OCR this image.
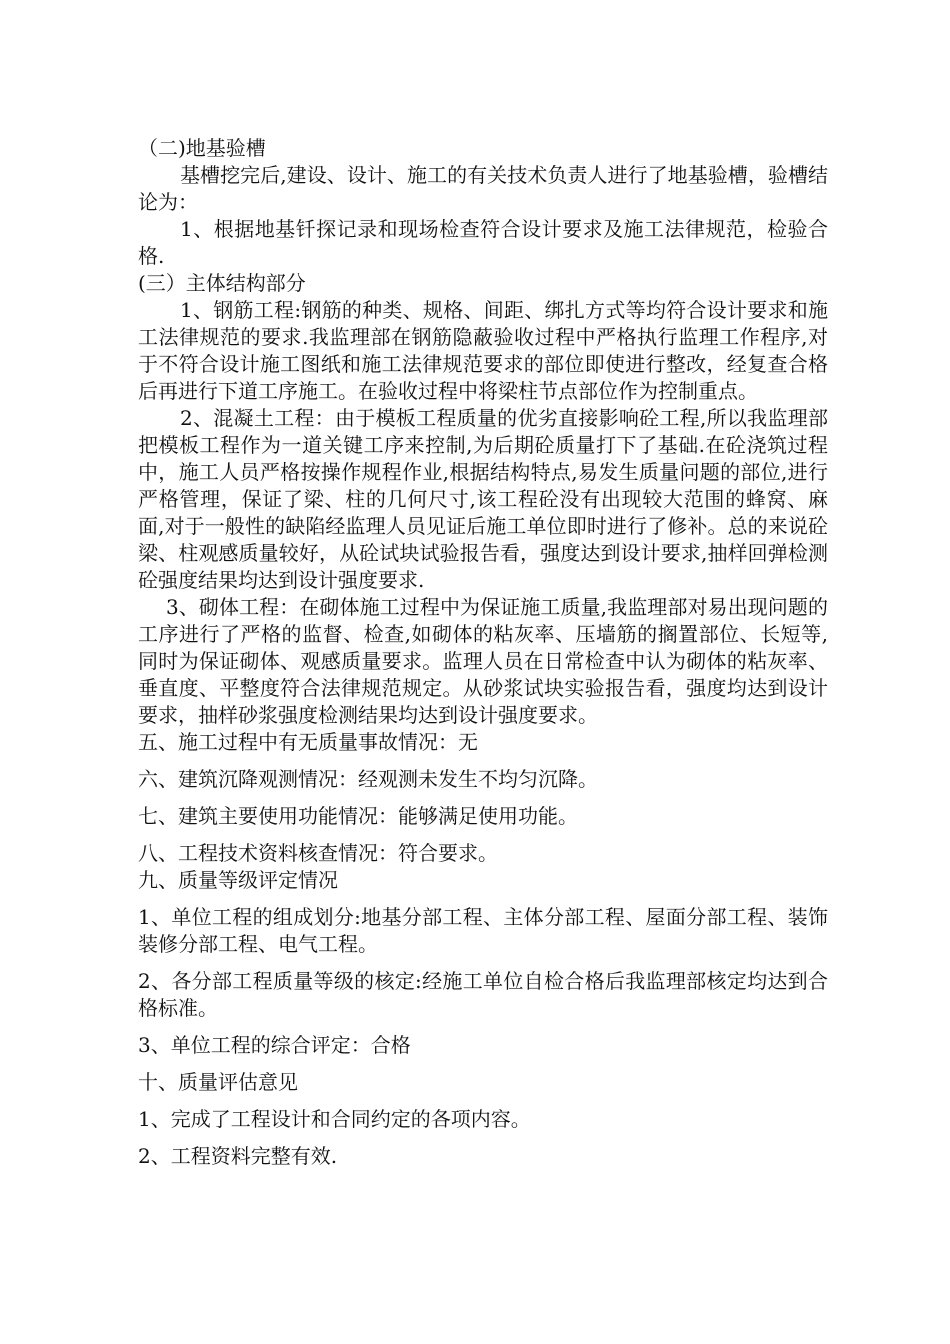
（二)地基验槽

基槽挖完后,建设、设计、施工的有关技术负责人进行了地基验槽，验槽结论为：

1、根据地基钎探记录和现场检查符合设计要求及施工法律规范，检验合格.

(三）主体结构部分

1、钢筋工程:钢筋的种类、规格、间距、绑扎方式等均符合设计要求和施工法律规范的要求.我监理部在钢筋隐蔽验收过程中严格执行监理工作程序,对于不符合设计施工图纸和施工法律规范要求的部位即使进行整改，经复查合格后再进行下道工序施工。在验收过程中将梁柱节点部位作为控制重点。

2、混凝土工程：由于模板工程质量的优劣直接影响砼工程,所以我监理部把模板工程作为一道关键工序来控制,为后期砼质量打下了基础.在砼浇筑过程中，施工人员严格按操作规程作业,根据结构特点,易发生质量问题的部位,进行严格管理，保证了梁、柱的几何尺寸,该工程砼没有出现较大范围的蜂窝、麻面,对于一般性的缺陷经监理人员见证后施工单位即时进行了修补。总的来说砼梁、柱观感质量较好，从砼试块试验报告看，强度达到设计要求,抽样回弹检测砼强度结果均达到设计强度要求.

3、砌体工程：在砌体施工过程中为保证施工质量,我监理部对易出现问题的工序进行了严格的监督、检查,如砌体的粘灰率、压墙筋的搁置部位、长短等,同时为保证砌体、观感质量要求。监理人员在日常检查中认为砌体的粘灰率、垂直度、平整度符合法律规范规定。从砂浆试块实验报告看，强度均达到设计要求，抽样砂浆强度检测结果均达到设计强度要求。

五、施工过程中有无质量事故情况：无

六、建筑沉降观测情况：经观测未发生不均匀沉降。

七、建筑主要使用功能情况：能够满足使用功能。

八、工程技术资料核查情况：符合要求。

九、质量等级评定情况

1、单位工程的组成划分:地基分部工程、主体分部工程、屋面分部工程、装饰装修分部工程、电气工程。

2、各分部工程质量等级的核定:经施工单位自检合格后我监理部核定均达到合格标准。

3、单位工程的综合评定：合格

十、质量评估意见

1、完成了工程设计和合同约定的各项内容。

2、工程资料完整有效.
